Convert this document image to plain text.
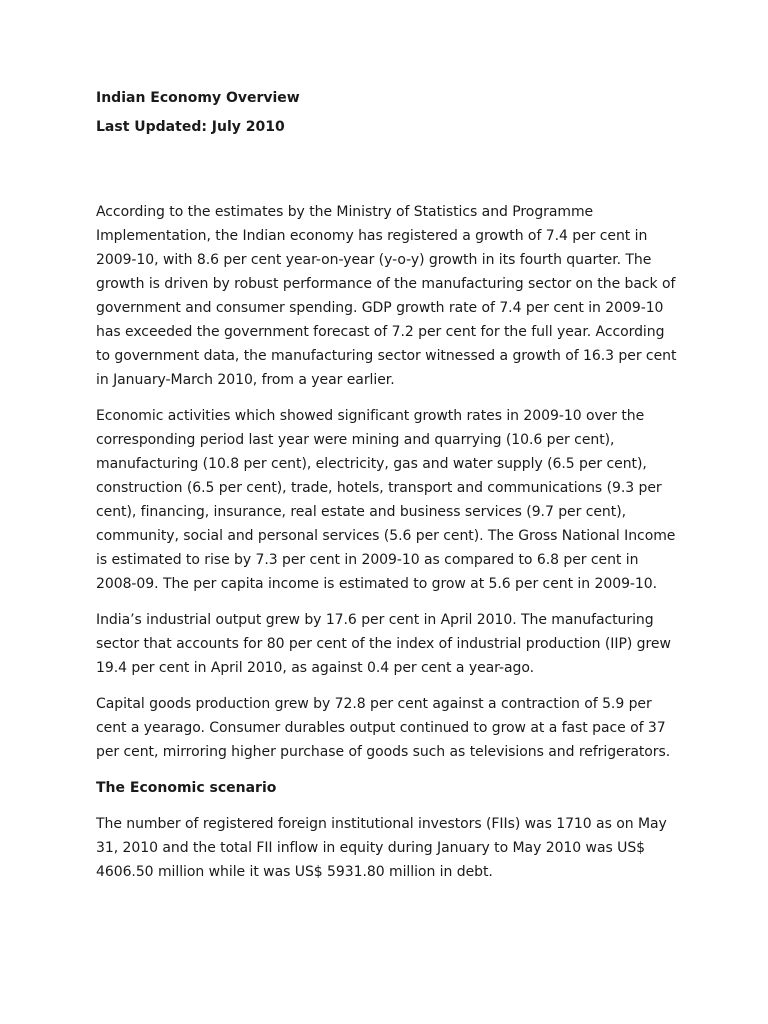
Indian Economy Overview

Last Updated: July 2010

According to the estimates by the Ministry of Statistics and Programme Implementation, the Indian economy has registered a growth of 7.4 per cent in 2009-10, with 8.6 per cent year-on-year (y-o-y) growth in its fourth quarter. The growth is driven by robust performance of the manufacturing sector on the back of government and consumer spending. GDP growth rate of 7.4 per cent in 2009-10 has exceeded the government forecast of 7.2 per cent for the full year. According to government data, the manufacturing sector witnessed a growth of 16.3 per cent in January-March 2010, from a year earlier.

Economic activities which showed significant growth rates in 2009-10 over the corresponding period last year were mining and quarrying (10.6 per cent), manufacturing (10.8 per cent), electricity, gas and water supply (6.5 per cent), construction (6.5 per cent), trade, hotels, transport and communications (9.3 per cent), financing, insurance, real estate and business services (9.7 per cent), community, social and personal services (5.6 per cent). The Gross National Income is estimated to rise by 7.3 per cent in 2009-10 as compared to 6.8 per cent in 2008-09. The per capita income is estimated to grow at 5.6 per cent in 2009-10.

India’s industrial output grew by 17.6 per cent in April 2010. The manufacturing sector that accounts for 80 per cent of the index of industrial production (IIP) grew 19.4 per cent in April 2010, as against 0.4 per cent a year-ago.

Capital goods production grew by 72.8 per cent against a contraction of 5.9 per cent a yearago. Consumer durables output continued to grow at a fast pace of 37 per cent, mirroring higher purchase of goods such as televisions and refrigerators.

The Economic scenario

The number of registered foreign institutional investors (FIIs) was 1710 as on May 31, 2010 and the total FII inflow in equity during January to May 2010 was US$ 4606.50 million while it was US$ 5931.80 million in debt.
